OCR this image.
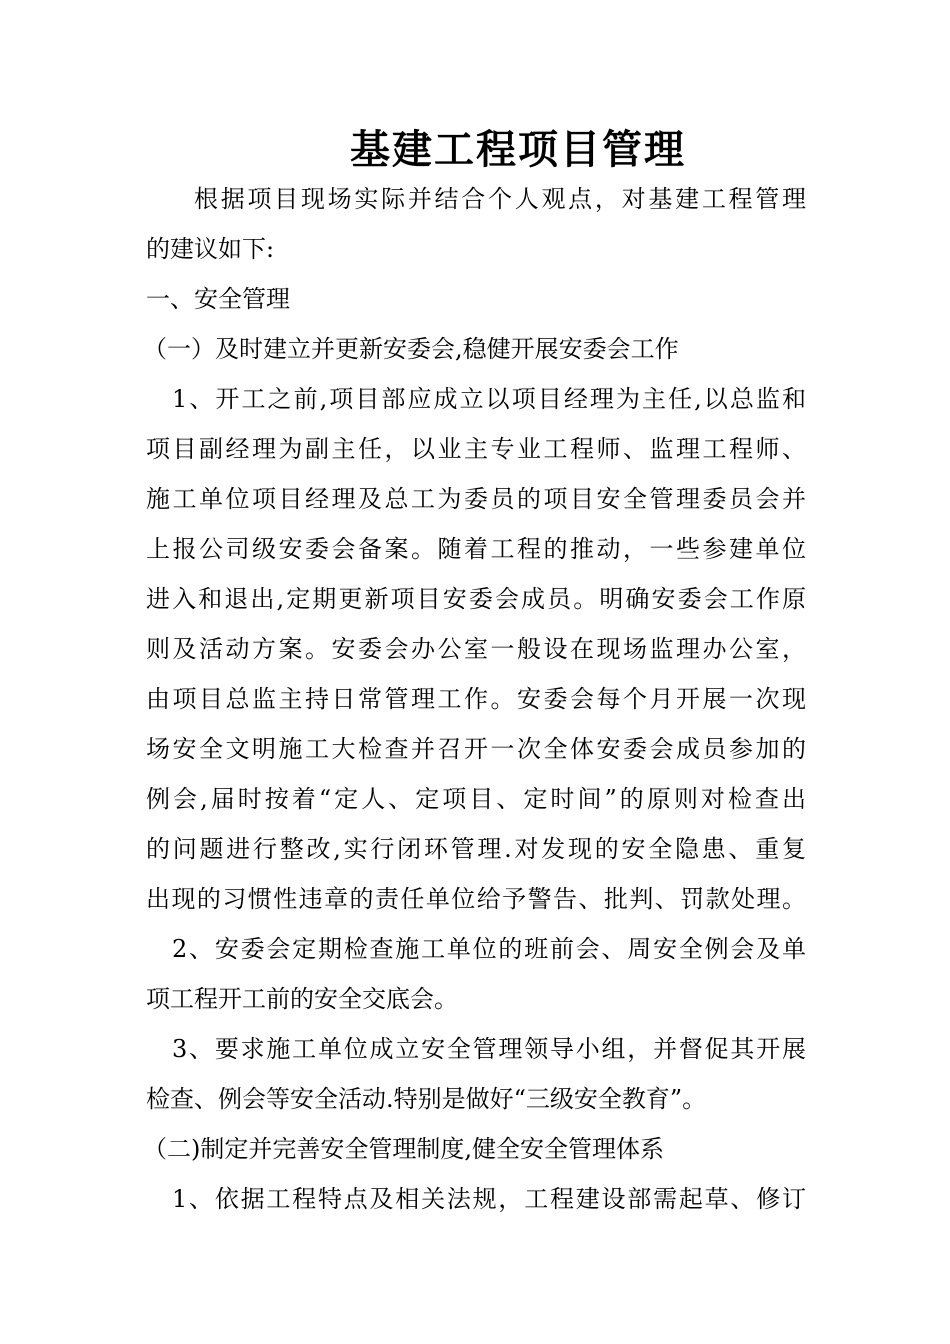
基建工程项目管理
根据项目现场实际并结合个人观点，对基建工程管理
的建议如下:
一、安全管理
（一）及时建立并更新安委会,稳健开展安委会工作
1、开工之前,项目部应成立以项目经理为主任,以总监和
项目副经理为副主任，以业主专业工程师、监理工程师、
施工单位项目经理及总工为委员的项目安全管理委员会并
上报公司级安委会备案。随着工程的推动，一些参建单位
进入和退出,定期更新项目安委会成员。明确安委会工作原
则及活动方案。安委会办公室一般设在现场监理办公室，
由项目总监主持日常管理工作。安委会每个月开展一次现
场安全文明施工大检查并召开一次全体安委会成员参加的
例会,届时按着“定人、定项目、定时间”的原则对检查出
的问题进行整改,实行闭环管理.对发现的安全隐患、重复
出现的习惯性违章的责任单位给予警告、批判、罚款处理。
2、安委会定期检查施工单位的班前会、周安全例会及单
项工程开工前的安全交底会。
3、要求施工单位成立安全管理领导小组，并督促其开展
检查、例会等安全活动.特别是做好“三级安全教育”。
（二)制定并完善安全管理制度,健全安全管理体系
1、依据工程特点及相关法规，工程建设部需起草、修订
